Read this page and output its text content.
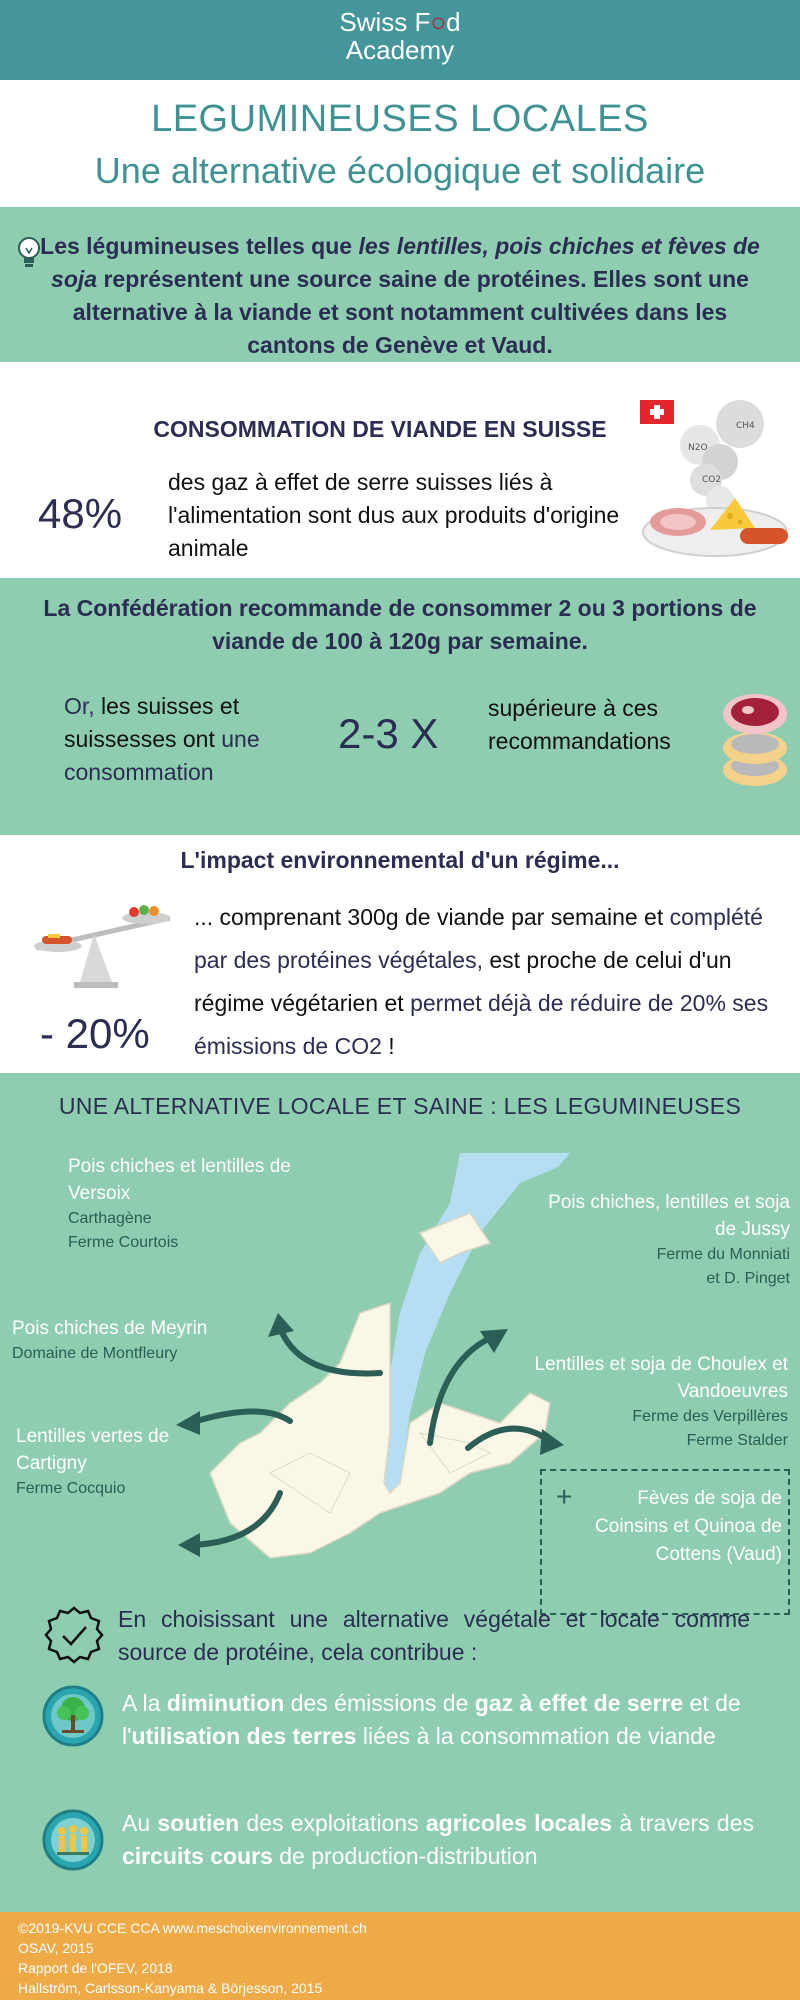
Swiss F○d
Academy
LEGUMINEUSES LOCALES
Une alternative écologique et solidaire
Les légumineuses telles que les lentilles, pois chiches et fèves de soja représentent une source saine de protéines. Elles sont une alternative à la viande et sont notamment cultivées dans les cantons de Genève et Vaud.
CONSOMMATION DE VIANDE EN SUISSE
48%
des gaz à effet de serre suisses liés à l'alimentation sont dus aux produits d'origine animale
CH4
N2O
CO2
La Confédération recommande de consommer 2 ou 3 portions de viande de 100 à 120g par semaine.
Or, les suisses et suissesses ont une consommation
2-3 X
supérieure à ces recommandations
L'impact environnemental d'un régime...
... comprenant 300g de viande par semaine et complété par des protéines végétales, est proche de celui d'un régime végétarien et permet déjà de réduire de 20% ses émissions de CO2 !
- 20%
UNE ALTERNATIVE LOCALE ET SAINE : LES LEGUMINEUSES
Pois chiches et lentilles de Versoix
Carthagène
Ferme Courtois
Pois chiches, lentilles et soja de Jussy
Ferme du Monniati
et D. Pinget
Pois chiches de Meyrin
Domaine de Montfleury
Lentilles et soja de Choulex et Vandoeuvres
Ferme des Verpillères
Ferme Stalder
Lentilles vertes de Cartigny
Ferme Cocquio	+	Fèves de soja de Coinsins et Quinoa de Cottens (Vaud)
En choisissant une alternative végétale et locale comme source de protéine, cela contribue :
A la diminution des émissions de gaz à effet de serre et de l'utilisation des terres liées à la consommation de viande
Au soutien des exploitations agricoles locales à travers des circuits cours de production-distribution
©2019-KVU CCE CCA www.meschoixenvironnement.ch
OSAV, 2015
Rapport de l'OFEV, 2018
Hallström, Carlsson-Kanyama & Börjesson, 2015
